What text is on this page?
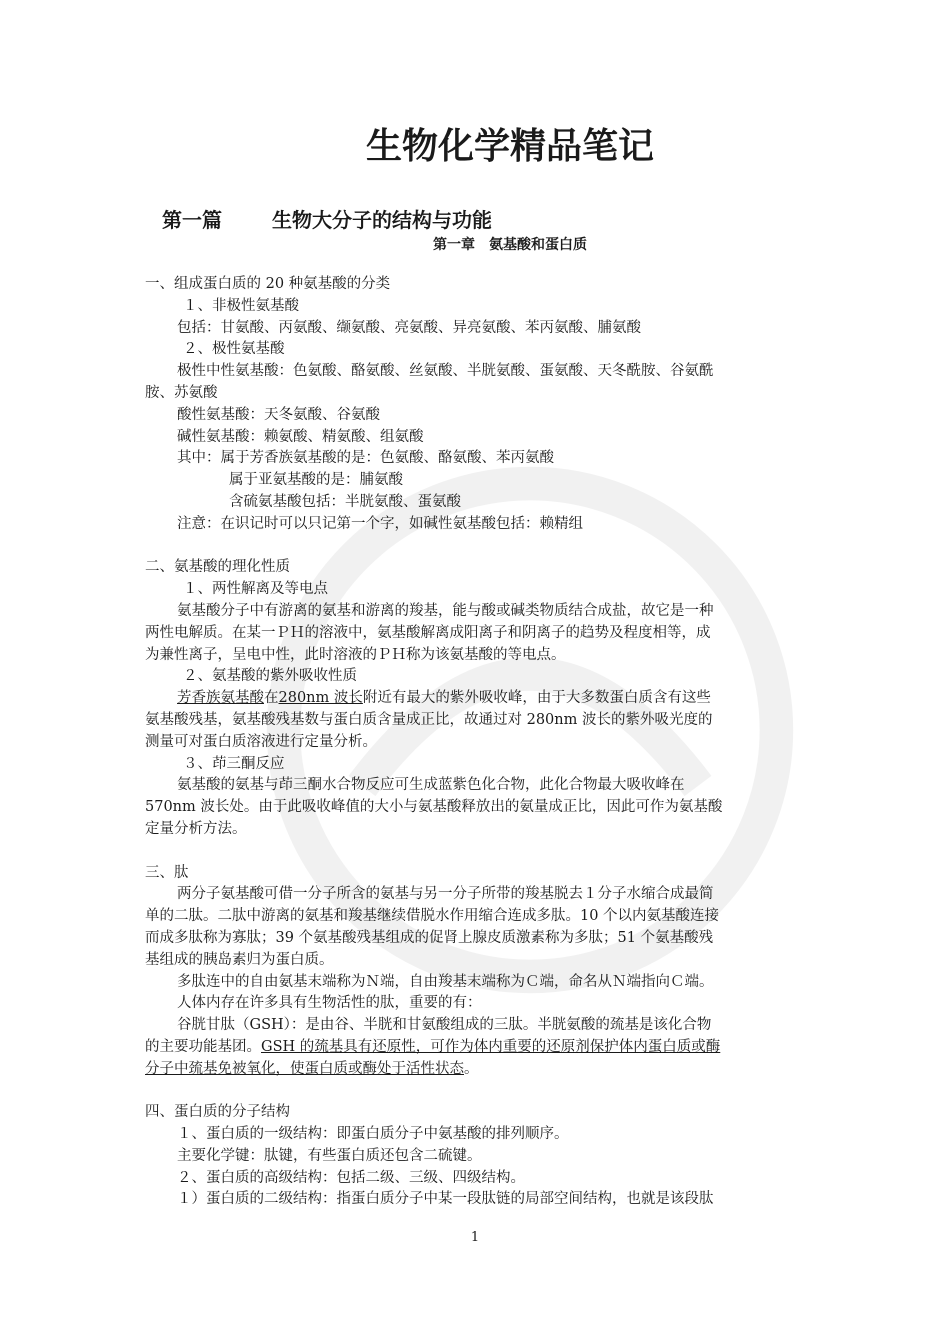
生物化学精品笔记
第一篇	生物大分子的结构与功能
第一章　氨基酸和蛋白质

一、组成蛋白质的 20 种氨基酸的分类

１、非极性氨基酸

包括：甘氨酸、丙氨酸、缬氨酸、亮氨酸、异亮氨酸、苯丙氨酸、脯氨酸

２、极性氨基酸

极性中性氨基酸：色氨酸、酪氨酸、丝氨酸、半胱氨酸、蛋氨酸、天冬酰胺、谷氨酰

胺、苏氨酸

酸性氨基酸：天冬氨酸、谷氨酸

碱性氨基酸：赖氨酸、精氨酸、组氨酸

其中：属于芳香族氨基酸的是：色氨酸、酪氨酸、苯丙氨酸

属于亚氨基酸的是：脯氨酸

含硫氨基酸包括：半胱氨酸、蛋氨酸

注意：在识记时可以只记第一个字，如碱性氨基酸包括：赖精组

二、氨基酸的理化性质

１、两性解离及等电点

氨基酸分子中有游离的氨基和游离的羧基，能与酸或碱类物质结合成盐，故它是一种

两性电解质。在某一ＰＨ的溶液中，氨基酸解离成阳离子和阴离子的趋势及程度相等，成

为兼性离子，呈电中性，此时溶液的ＰＨ称为该氨基酸的等电点。

２、氨基酸的紫外吸收性质

芳香族氨基酸在280nm 波长附近有最大的紫外吸收峰，由于大多数蛋白质含有这些

氨基酸残基，氨基酸残基数与蛋白质含量成正比，故通过对 280nm 波长的紫外吸光度的

测量可对蛋白质溶液进行定量分析。

３、茚三酮反应

氨基酸的氨基与茚三酮水合物反应可生成蓝紫色化合物，此化合物最大吸收峰在

570nm 波长处。由于此吸收峰值的大小与氨基酸释放出的氨量成正比，因此可作为氨基酸

定量分析方法。

三、肽

两分子氨基酸可借一分子所含的氨基与另一分子所带的羧基脱去１分子水缩合成最简

单的二肽。二肽中游离的氨基和羧基继续借脱水作用缩合连成多肽。10 个以内氨基酸连接

而成多肽称为寡肽；39 个氨基酸残基组成的促肾上腺皮质激素称为多肽；51 个氨基酸残

基组成的胰岛素归为蛋白质。

多肽连中的自由氨基末端称为Ｎ端，自由羧基末端称为Ｃ端，命名从Ｎ端指向Ｃ端。

人体内存在许多具有生物活性的肽，重要的有：

谷胱甘肽（GSH）：是由谷、半胱和甘氨酸组成的三肽。半胱氨酸的巯基是该化合物

的主要功能基团。GSH 的巯基具有还原性，可作为体内重要的还原剂保护体内蛋白质或酶

分子中巯基免被氧化，使蛋白质或酶处于活性状态。

四、蛋白质的分子结构

１、蛋白质的一级结构：即蛋白质分子中氨基酸的排列顺序。

主要化学键：肽键，有些蛋白质还包含二硫键。

２、蛋白质的高级结构：包括二级、三级、四级结构。

１）蛋白质的二级结构：指蛋白质分子中某一段肽链的局部空间结构，也就是该段肽

1
